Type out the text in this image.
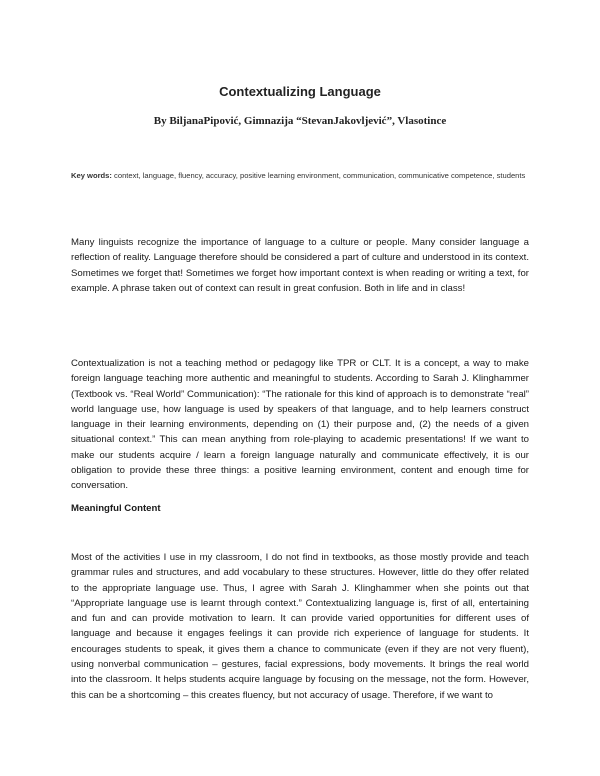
Contextualizing Language
By BiljanaPipović, Gimnazija “StevanJakovljević”, Vlasotince
Key words: context, language, fluency, accuracy, positive learning environment, communication, communicative competence, students
Many linguists recognize the importance of language to a culture or people. Many consider language a reflection of reality. Language therefore should be considered a part of culture and understood in its context. Sometimes we forget that! Sometimes we forget how important context is when reading or writing a text, for example. A phrase taken out of context can result in great confusion. Both in life and in class!
Contextualization is not a teaching method or pedagogy like TPR or CLT. It is a concept, a way to make foreign language teaching more authentic and meaningful to students. According to Sarah J. Klinghammer (Textbook vs. “Real World” Communication): “The rationale for this kind of approach is to demonstrate “real” world language use, how language is used by speakers of that language, and to help learners construct language in their learning environments, depending on (1) their purpose and, (2) the needs of a given situational context.” This can mean anything from role-playing to academic presentations! If we want to make our students acquire / learn a foreign language naturally and communicate effectively, it is our obligation to provide these three things: a positive learning environment, content and enough time for conversation.
Meaningful Content
Most of the activities I use in my classroom, I do not find in textbooks, as those mostly provide and teach grammar rules and structures, and add vocabulary to these structures. However, little do they offer related to the appropriate language use. Thus, I agree with Sarah J. Klinghammer when she points out that “Appropriate language use is learnt through context.” Contextualizing language is, first of all, entertaining and fun and can provide motivation to learn. It can provide varied opportunities for different uses of language and because it engages feelings it can provide rich experience of language for students. It encourages students to speak, it gives them a chance to communicate (even if they are not very fluent), using nonverbal communication – gestures, facial expressions, body movements. It brings the real world into the classroom. It helps students acquire language by focusing on the message, not the form. However, this can be a shortcoming – this creates fluency, but not accuracy of usage. Therefore, if we want to
